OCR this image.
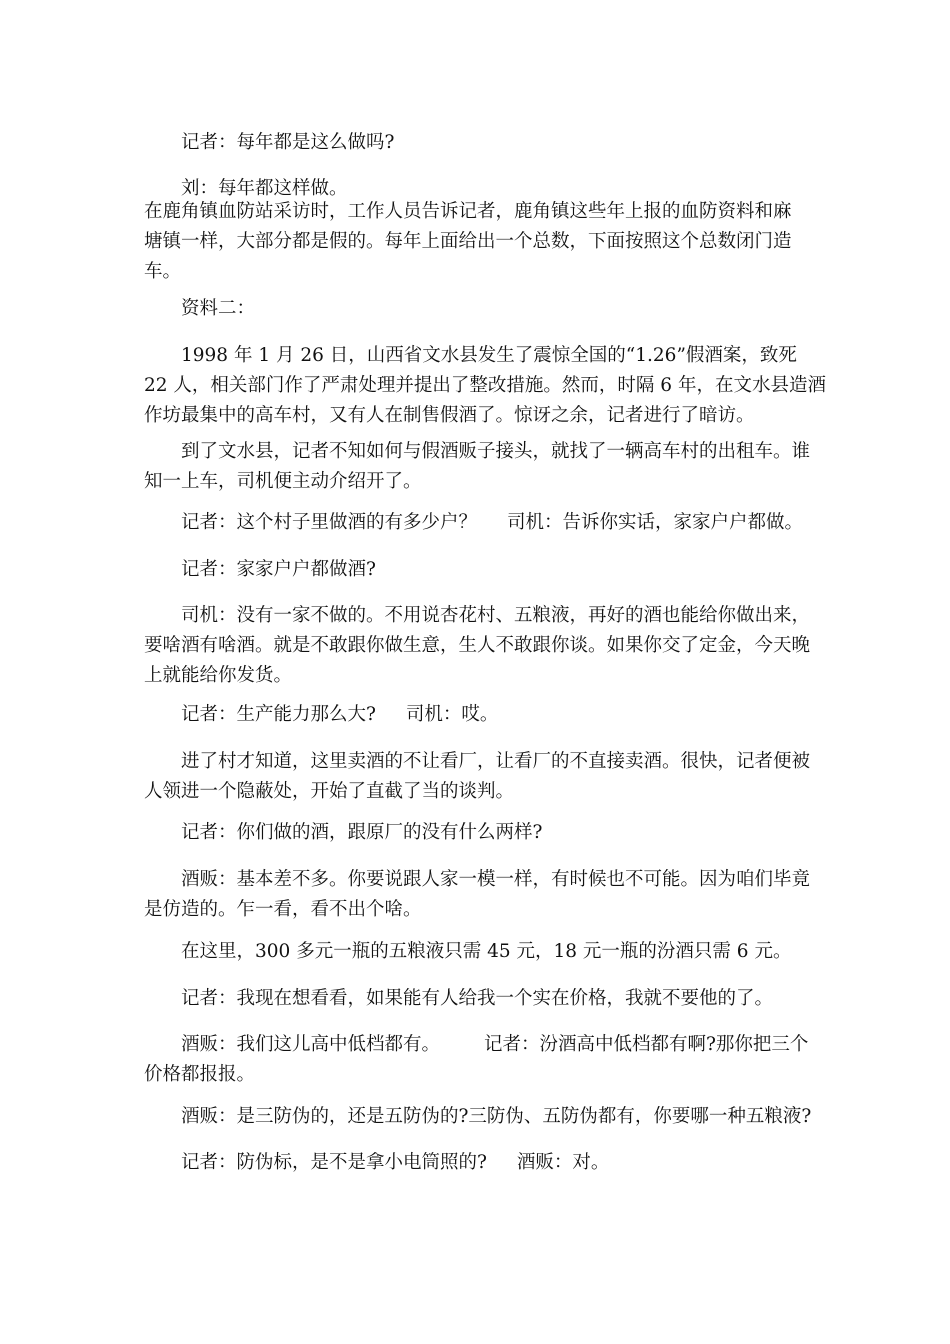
记者：每年都是这么做吗?
刘：每年都这样做。
在鹿角镇血防站采访时，工作人员告诉记者，鹿角镇这些年上报的血防资料和麻
塘镇一样，大部分都是假的。每年上面给出一个总数，下面按照这个总数闭门造
车。
资料二：
1998 年 1 月 26 日，山西省文水县发生了震惊全国的“1.26”假酒案，致死
22 人，相关部门作了严肃处理并提出了整改措施。然而，时隔 6 年，在文水县造酒
作坊最集中的高车村，又有人在制售假酒了。惊讶之余，记者进行了暗访。
到了文水县，记者不知如何与假酒贩子接头，就找了一辆高车村的出租车。谁
知一上车，司机便主动介绍开了。
记者：这个村子里做酒的有多少户？ 司机：告诉你实话，家家户户都做。
记者：家家户户都做酒?
司机：没有一家不做的。不用说杏花村、五粮液，再好的酒也能给你做出来，
要啥酒有啥酒。就是不敢跟你做生意，生人不敢跟你谈。如果你交了定金，今天晚
上就能给你发货。
记者：生产能力那么大? 司机：哎。
进了村才知道，这里卖酒的不让看厂，让看厂的不直接卖酒。很快，记者便被
人领进一个隐蔽处，开始了直截了当的谈判。
记者：你们做的酒，跟原厂的没有什么两样?
酒贩：基本差不多。你要说跟人家一模一样，有时候也不可能。因为咱们毕竟
是仿造的。乍一看，看不出个啥。
在这里，300 多元一瓶的五粮液只需 45 元，18 元一瓶的汾酒只需 6 元。
记者：我现在想看看，如果能有人给我一个实在价格，我就不要他的了。
酒贩：我们这儿高中低档都有。 记者：汾酒高中低档都有啊?那你把三个
价格都报报。
酒贩：是三防伪的，还是五防伪的?三防伪、五防伪都有，你要哪一种五粮液?
记者：防伪标，是不是拿小电筒照的? 酒贩：对。
